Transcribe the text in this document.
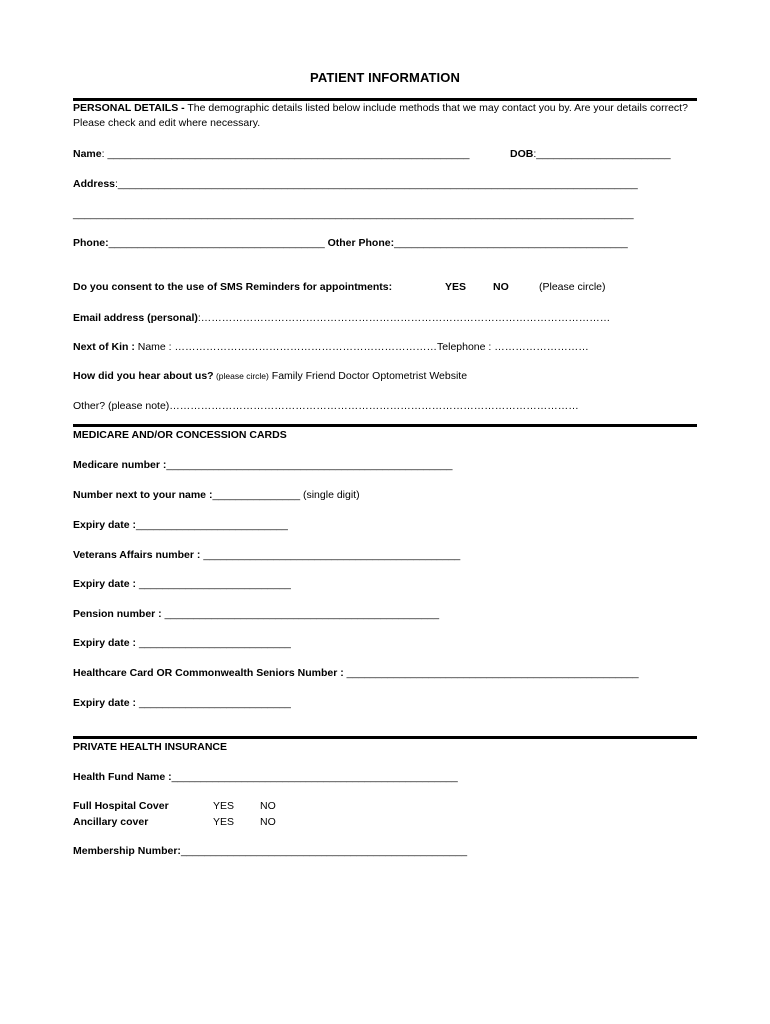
PATIENT INFORMATION
PERSONAL DETAILS - The demographic details listed below include methods that we may contact you by. Are your details correct? Please check and edit where necessary.
Name: ______________________________________________________________	DOB:_______________________
Address:_________________________________________________________________________________________
________________________________________________________________________________________________
Phone:_____________________________________ Other Phone:________________________________________
Do you consent to the use of SMS Reminders for appointments:	YES	NO	(Please circle)
Email address (personal):………………………………………………………………………………………………………
Next of Kin : Name : …………………………………………………………………Telephone : ………………………
How did you hear about us? (please circle) Family Friend Doctor Optometrist Website
Other? (please note)………………………………………………………………………………………………………
MEDICARE AND/OR CONCESSION CARDS
Medicare number :_________________________________________________
Number next to your name :_______________ (single digit)
Expiry date :__________________________
Veterans Affairs number : ____________________________________________
Expiry date : __________________________
Pension number : _______________________________________________
Expiry date : __________________________
Healthcare Card OR Commonwealth Seniors Number : __________________________________________________
Expiry date : __________________________
PRIVATE HEALTH INSURANCE
Health Fund Name :_________________________________________________
Full Hospital Cover	YES NO
Ancillary cover	YES NO
Membership Number:_________________________________________________
